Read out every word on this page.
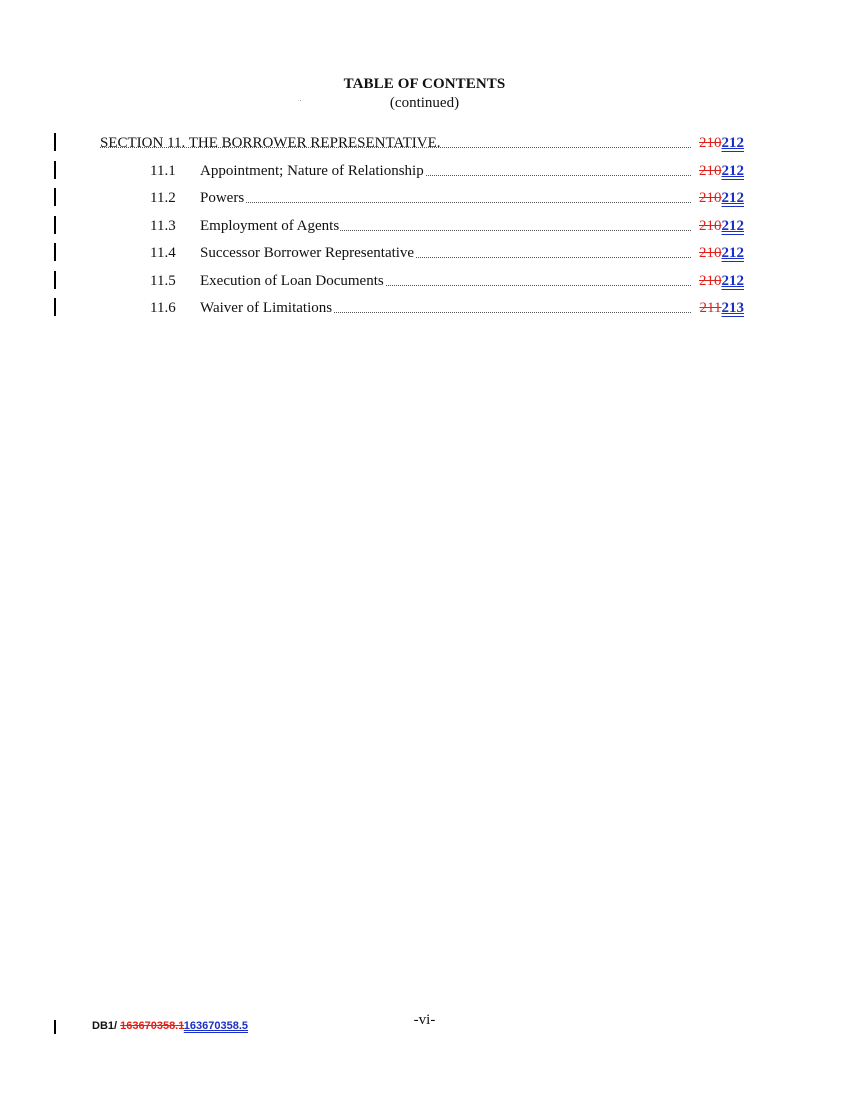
TABLE OF CONTENTS
(continued)
SECTION 11. THE BORROWER REPRESENTATIVE.	210212
11.1 Appointment; Nature of Relationship	210212
11.2 Powers	210212
11.3 Employment of Agents	210212
11.4 Successor Borrower Representative	210212
11.5 Execution of Loan Documents	210212
11.6 Waiver of Limitations	211213
DB1/ 163670358.1163670358.5	-vi-
